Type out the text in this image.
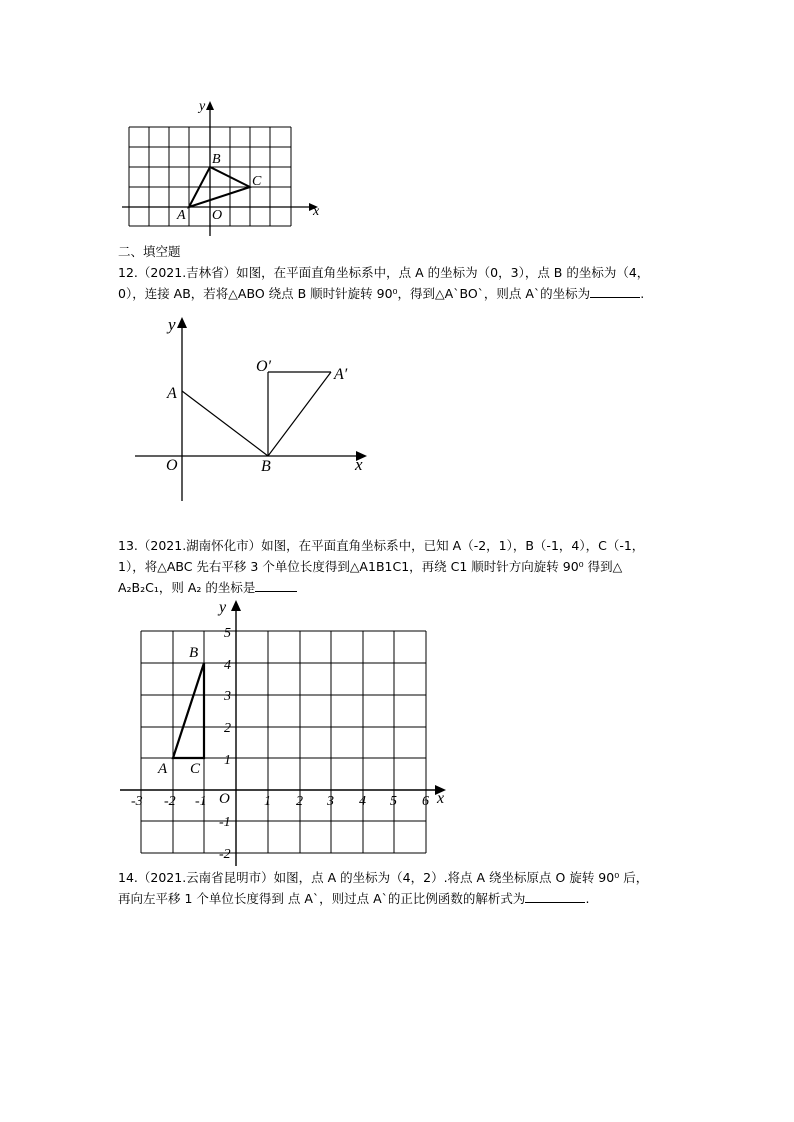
x
y
B
C
A O
二、填空题
12.（2021.吉林省）如图，在平面直角坐标系中，点 A 的坐标为（0，3），点 B 的坐标为（4，
0），连接 AB，若将△ABO 绕点 B 顺时针旋转 90⁰，得到△A`BO`，则点 A`的坐标为	.
y
x
A
O	B
O′	A′
13.（2021.湖南怀化市）如图，在平面直角坐标系中，已知 A（-2，1），B（-1，4），C（-1，
1），将△ABC 先右平移 3 个单位长度得到△A1B1C1，再绕 C1 顺时针方向旋转 90⁰ 得到△
A₂B₂C₁，则 A₂ 的坐标是
y
x
O
B
A C
-3 -2 -1	1 2 3 4 5 6
5
4
3
2
1
-1
-2
14.（2021.云南省昆明市）如图，点 A 的坐标为（4，2）.将点 A 绕坐标原点 O 旋转 90⁰ 后，
再向左平移 1 个单位长度得到 点 A`，则过点 A`的正比例函数的解析式为	.
